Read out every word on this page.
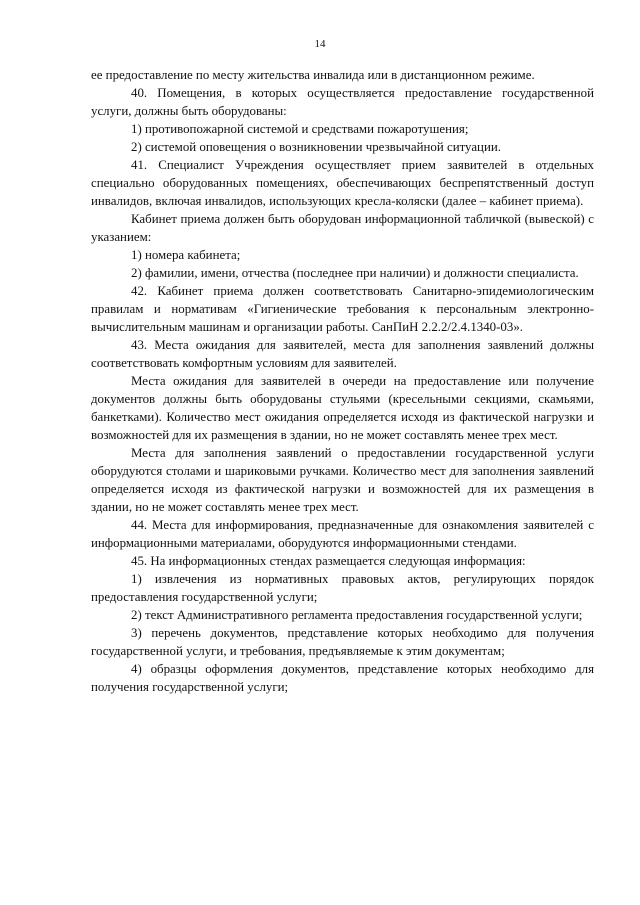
14

ее предоставление по месту жительства инвалида или в дистанционном режиме.

40. Помещения, в которых осуществляется предоставление государственной услуги, должны быть оборудованы:

1) противопожарной системой и средствами пожаротушения;

2) системой оповещения о возникновении чрезвычайной ситуации.

41. Специалист Учреждения осуществляет прием заявителей в отдельных специально оборудованных помещениях, обеспечивающих беспрепятственный доступ инвалидов, включая инвалидов, использующих кресла-коляски (далее – кабинет приема).

Кабинет приема должен быть оборудован информационной табличкой (вывеской) с указанием:

1) номера кабинета;

2) фамилии, имени, отчества (последнее при наличии) и должности специалиста.

42. Кабинет приема должен соответствовать Санитарно-эпидемиологическим правилам и нормативам «Гигиенические требования к персональным электронно-вычислительным машинам и организации работы. СанПиН 2.2.2/2.4.1340-03».

43. Места ожидания для заявителей, места для заполнения заявлений должны соответствовать комфортным условиям для заявителей.

Места ожидания для заявителей в очереди на предоставление или получение документов должны быть оборудованы стульями (кресельными секциями, скамьями, банкетками). Количество мест ожидания определяется исходя из фактической нагрузки и возможностей для их размещения в здании, но не может составлять менее трех мест.

Места для заполнения заявлений о предоставлении государственной услуги оборудуются столами и шариковыми ручками. Количество мест для заполнения заявлений определяется исходя из фактической нагрузки и возможностей для их размещения в здании, но не может составлять менее трех мест.

44. Места для информирования, предназначенные для ознакомления заявителей с информационными материалами, оборудуются информационными стендами.

45. На информационных стендах размещается следующая информация:

1) извлечения из нормативных правовых актов, регулирующих порядок предоставления государственной услуги;

2) текст Административного регламента предоставления государственной услуги;

3) перечень документов, представление которых необходимо для получения государственной услуги, и требования, предъявляемые к этим документам;

4) образцы оформления документов, представление которых необходимо для получения государственной услуги;
